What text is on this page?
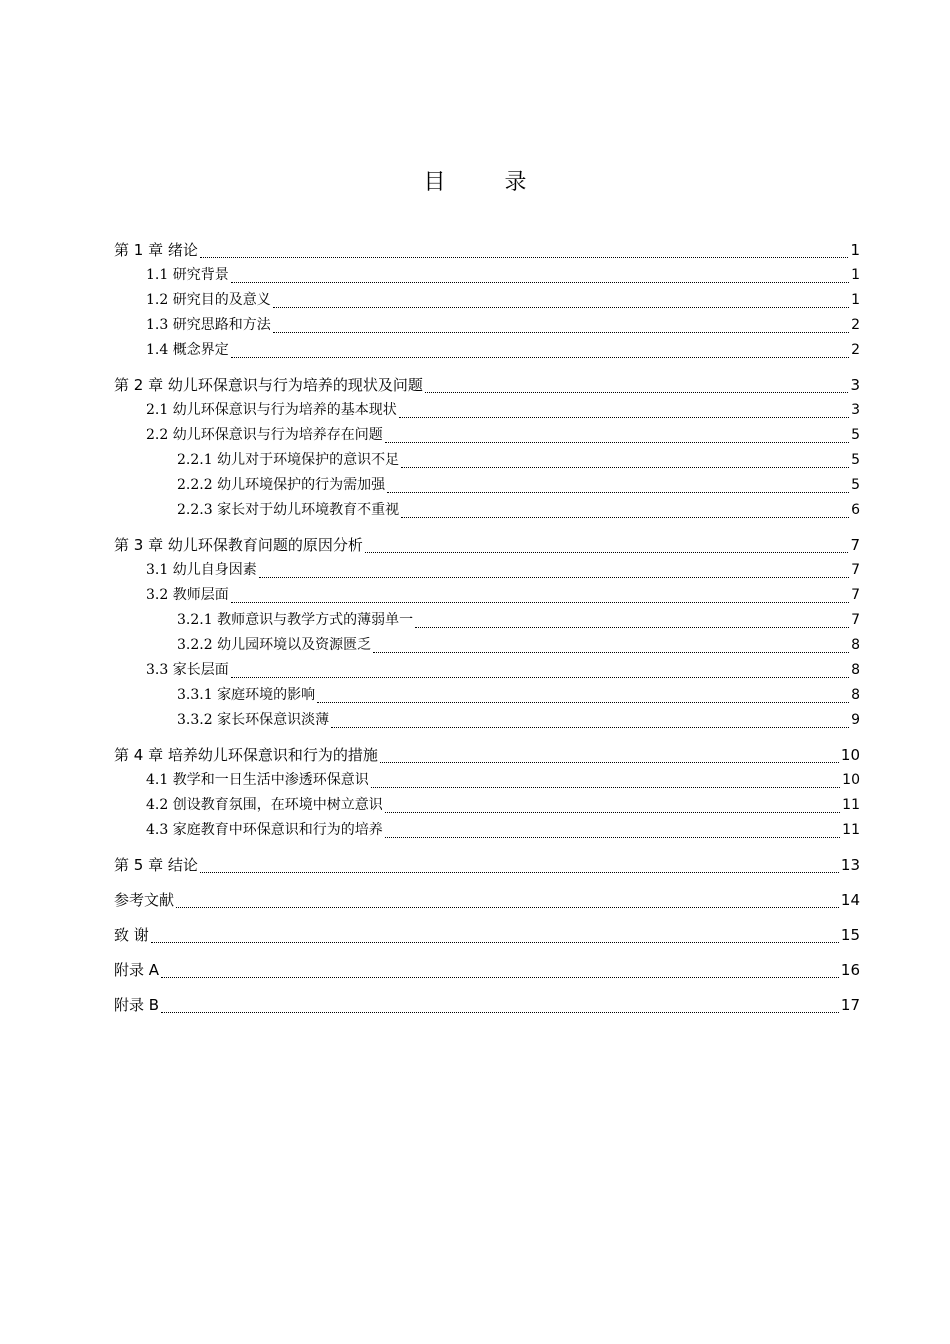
目 录
第 1 章 绪论	1
1.1 研究背景	1
1.2 研究目的及意义	1
1.3 研究思路和方法	2
1.4 概念界定	2
第 2 章 幼儿环保意识与行为培养的现状及问题	3
2.1 幼儿环保意识与行为培养的基本现状	3
2.2 幼儿环保意识与行为培养存在问题	5
2.2.1 幼儿对于环境保护的意识不足	5
2.2.2 幼儿环境保护的行为需加强	5
2.2.3 家长对于幼儿环境教育不重视	6
第 3 章 幼儿环保教育问题的原因分析	7
3.1 幼儿自身因素	7
3.2 教师层面	7
3.2.1 教师意识与教学方式的薄弱单一	7
3.2.2 幼儿园环境以及资源匮乏	8
3.3 家长层面	8
3.3.1 家庭环境的影响	8
3.3.2 家长环保意识淡薄	9
第 4 章 培养幼儿环保意识和行为的措施	10
4.1 教学和一日生活中渗透环保意识	10
4.2 创设教育氛围，在环境中树立意识	11
4.3 家庭教育中环保意识和行为的培养	11
第 5 章 结论	13
参考文献	14
致 谢	15
附录 A	16
附录 B	17
